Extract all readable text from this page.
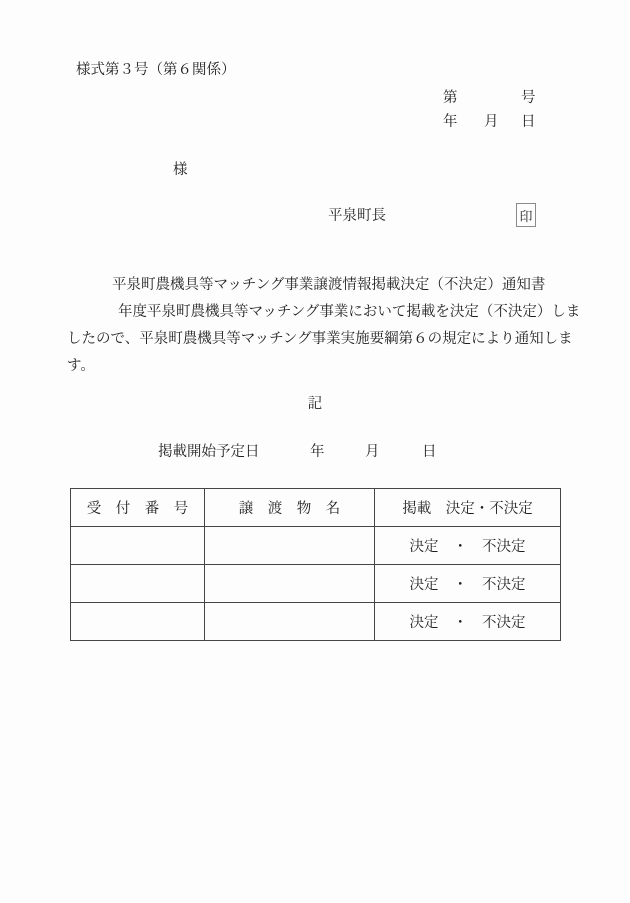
様式第３号（第６関係）
第	号
年 月 日
様
平泉町長	印
平泉町農機具等マッチング事業譲渡情報掲載決定（不決定）通知書
年度平泉町農機具等マッチング事業において掲載を決定（不決定）しま
したので、平泉町農機具等マッチング事業実施要綱第６の規定により通知しま
す。
記
掲載開始予定日	年	月	日
受　付　番　号	譲　渡　物　名	掲載　決定・不決定
		決定　・　不決定
		決定　・　不決定
		決定　・　不決定
